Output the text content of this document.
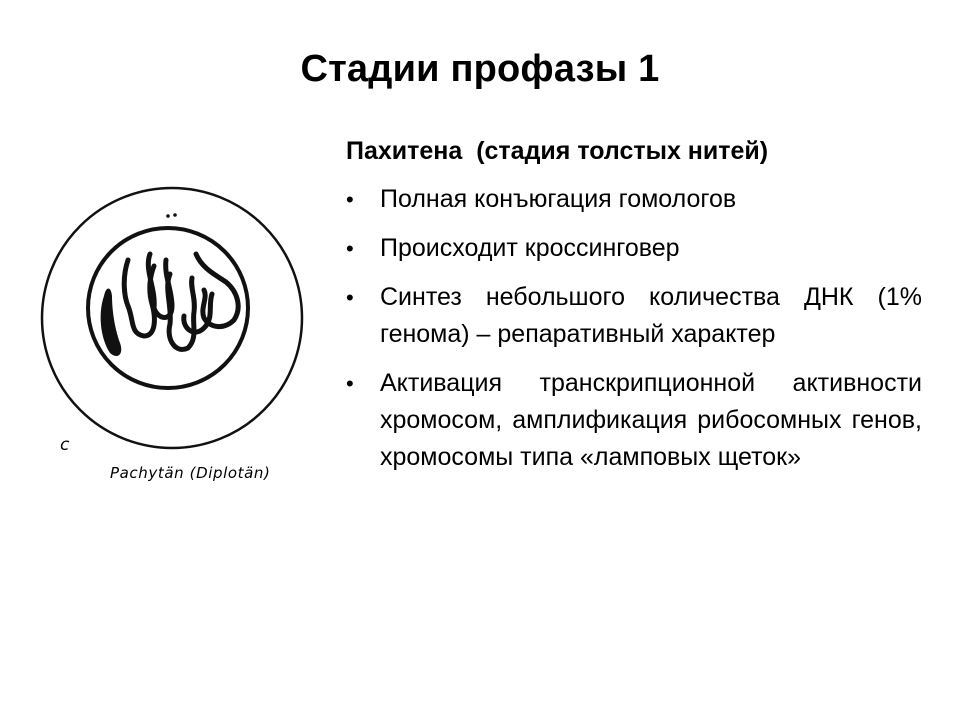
Стадии профазы 1
c
Pachytän (Diplotän)
Пахитена  (стадия толстых нитей)
• Полная конъюгация гомологов
• Происходит кроссинговер
• Синтез небольшого количества ДНК (1% генома) – репаративный характер
• Активация транскрипционной активности хромосом, амплификация рибосомных генов, хромосомы типа «ламповых щеток»
